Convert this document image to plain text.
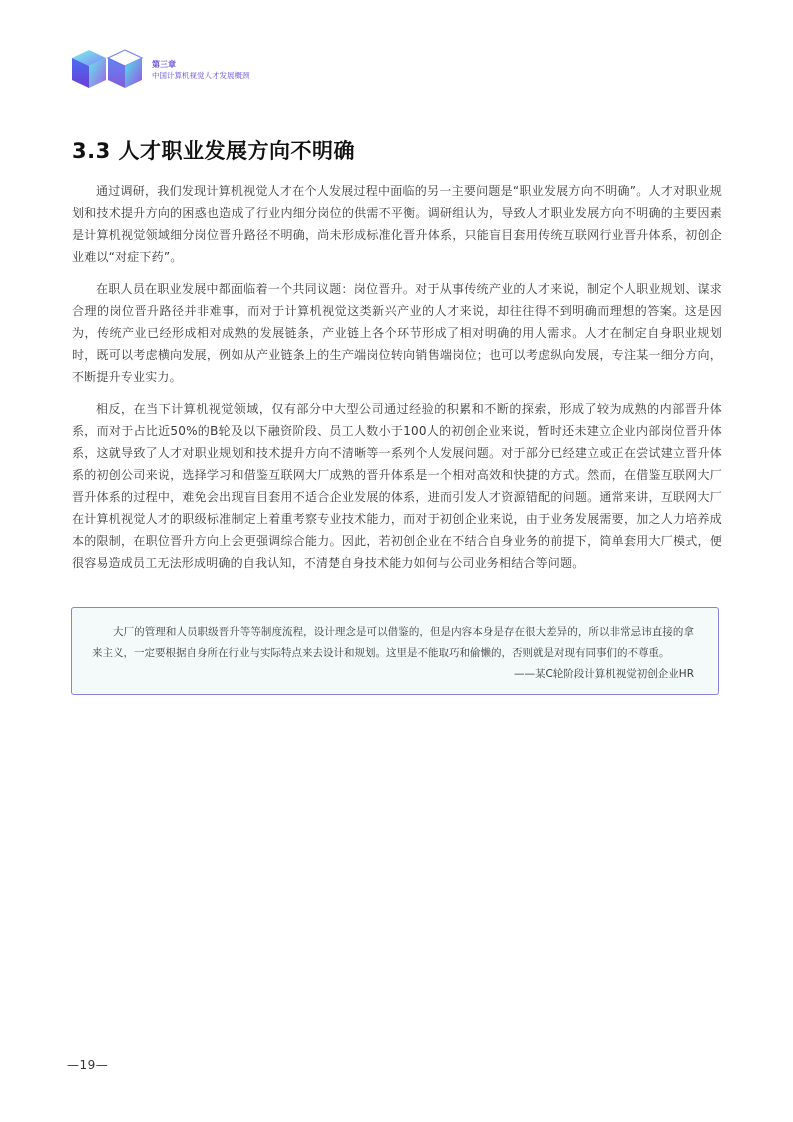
第三章
中国计算机视觉人才发展概颈
3.3 人才职业发展方向不明确

通过调研，我们发现计算机视觉人才在个人发展过程中面临的另一主要问题是“职业发展方向不明确”。人才对职业规划和技术提升方向的困惑也造成了行业内细分岗位的供需不平衡。调研组认为，导致人才职业发展方向不明确的主要因素是计算机视觉领域细分岗位晋升路径不明确，尚未形成标准化晋升体系，只能盲目套用传统互联网行业晋升体系，初创企业难以“对症下药”。

在职人员在职业发展中都面临着一个共同议题：岗位晋升。对于从事传统产业的人才来说，制定个人职业规划、谋求合理的岗位晋升路径并非难事，而对于计算机视觉这类新兴产业的人才来说，却往往得不到明确而理想的答案。这是因为，传统产业已经形成相对成熟的发展链条，产业链上各个环节形成了相对明确的用人需求。人才在制定自身职业规划时，既可以考虑横向发展，例如从产业链条上的生产端岗位转向销售端岗位；也可以考虑纵向发展，专注某一细分方向，不断提升专业实力。

相反，在当下计算机视觉领域，仅有部分中大型公司通过经验的积累和不断的探索，形成了较为成熟的内部晋升体系，而对于占比近50%的B轮及以下融资阶段、员工人数小于100人的初创企业来说，暂时还未建立企业内部岗位晋升体系，这就导致了人才对职业规划和技术提升方向不清晰等一系列个人发展问题。对于部分已经建立或正在尝试建立晋升体系的初创公司来说，选择学习和借鉴互联网大厂成熟的晋升体系是一个相对高效和快捷的方式。然而，在借鉴互联网大厂晋升体系的过程中，难免会出现盲目套用不适合企业发展的体系，进而引发人才资源错配的问题。通常来讲，互联网大厂在计算机视觉人才的职级标准制定上着重考察专业技术能力，而对于初创企业来说，由于业务发展需要，加之人力培养成本的限制，在职位晋升方向上会更强调综合能力。因此，若初创企业在不结合自身业务的前提下，简单套用大厂模式，便很容易造成员工无法形成明确的自我认知，不清楚自身技术能力如何与公司业务相结合等问题。

大厂的管理和人员职级晋升等等制度流程，设计理念是可以借鉴的，但是内容本身是存在很大差异的，所以非常忌讳直接的拿来主义，一定要根据自身所在行业与实际特点来去设计和规划。这里是不能取巧和偷懒的，否则就是对现有同事们的不尊重。

——某C轮阶段计算机视觉初创企业HR

—19—
